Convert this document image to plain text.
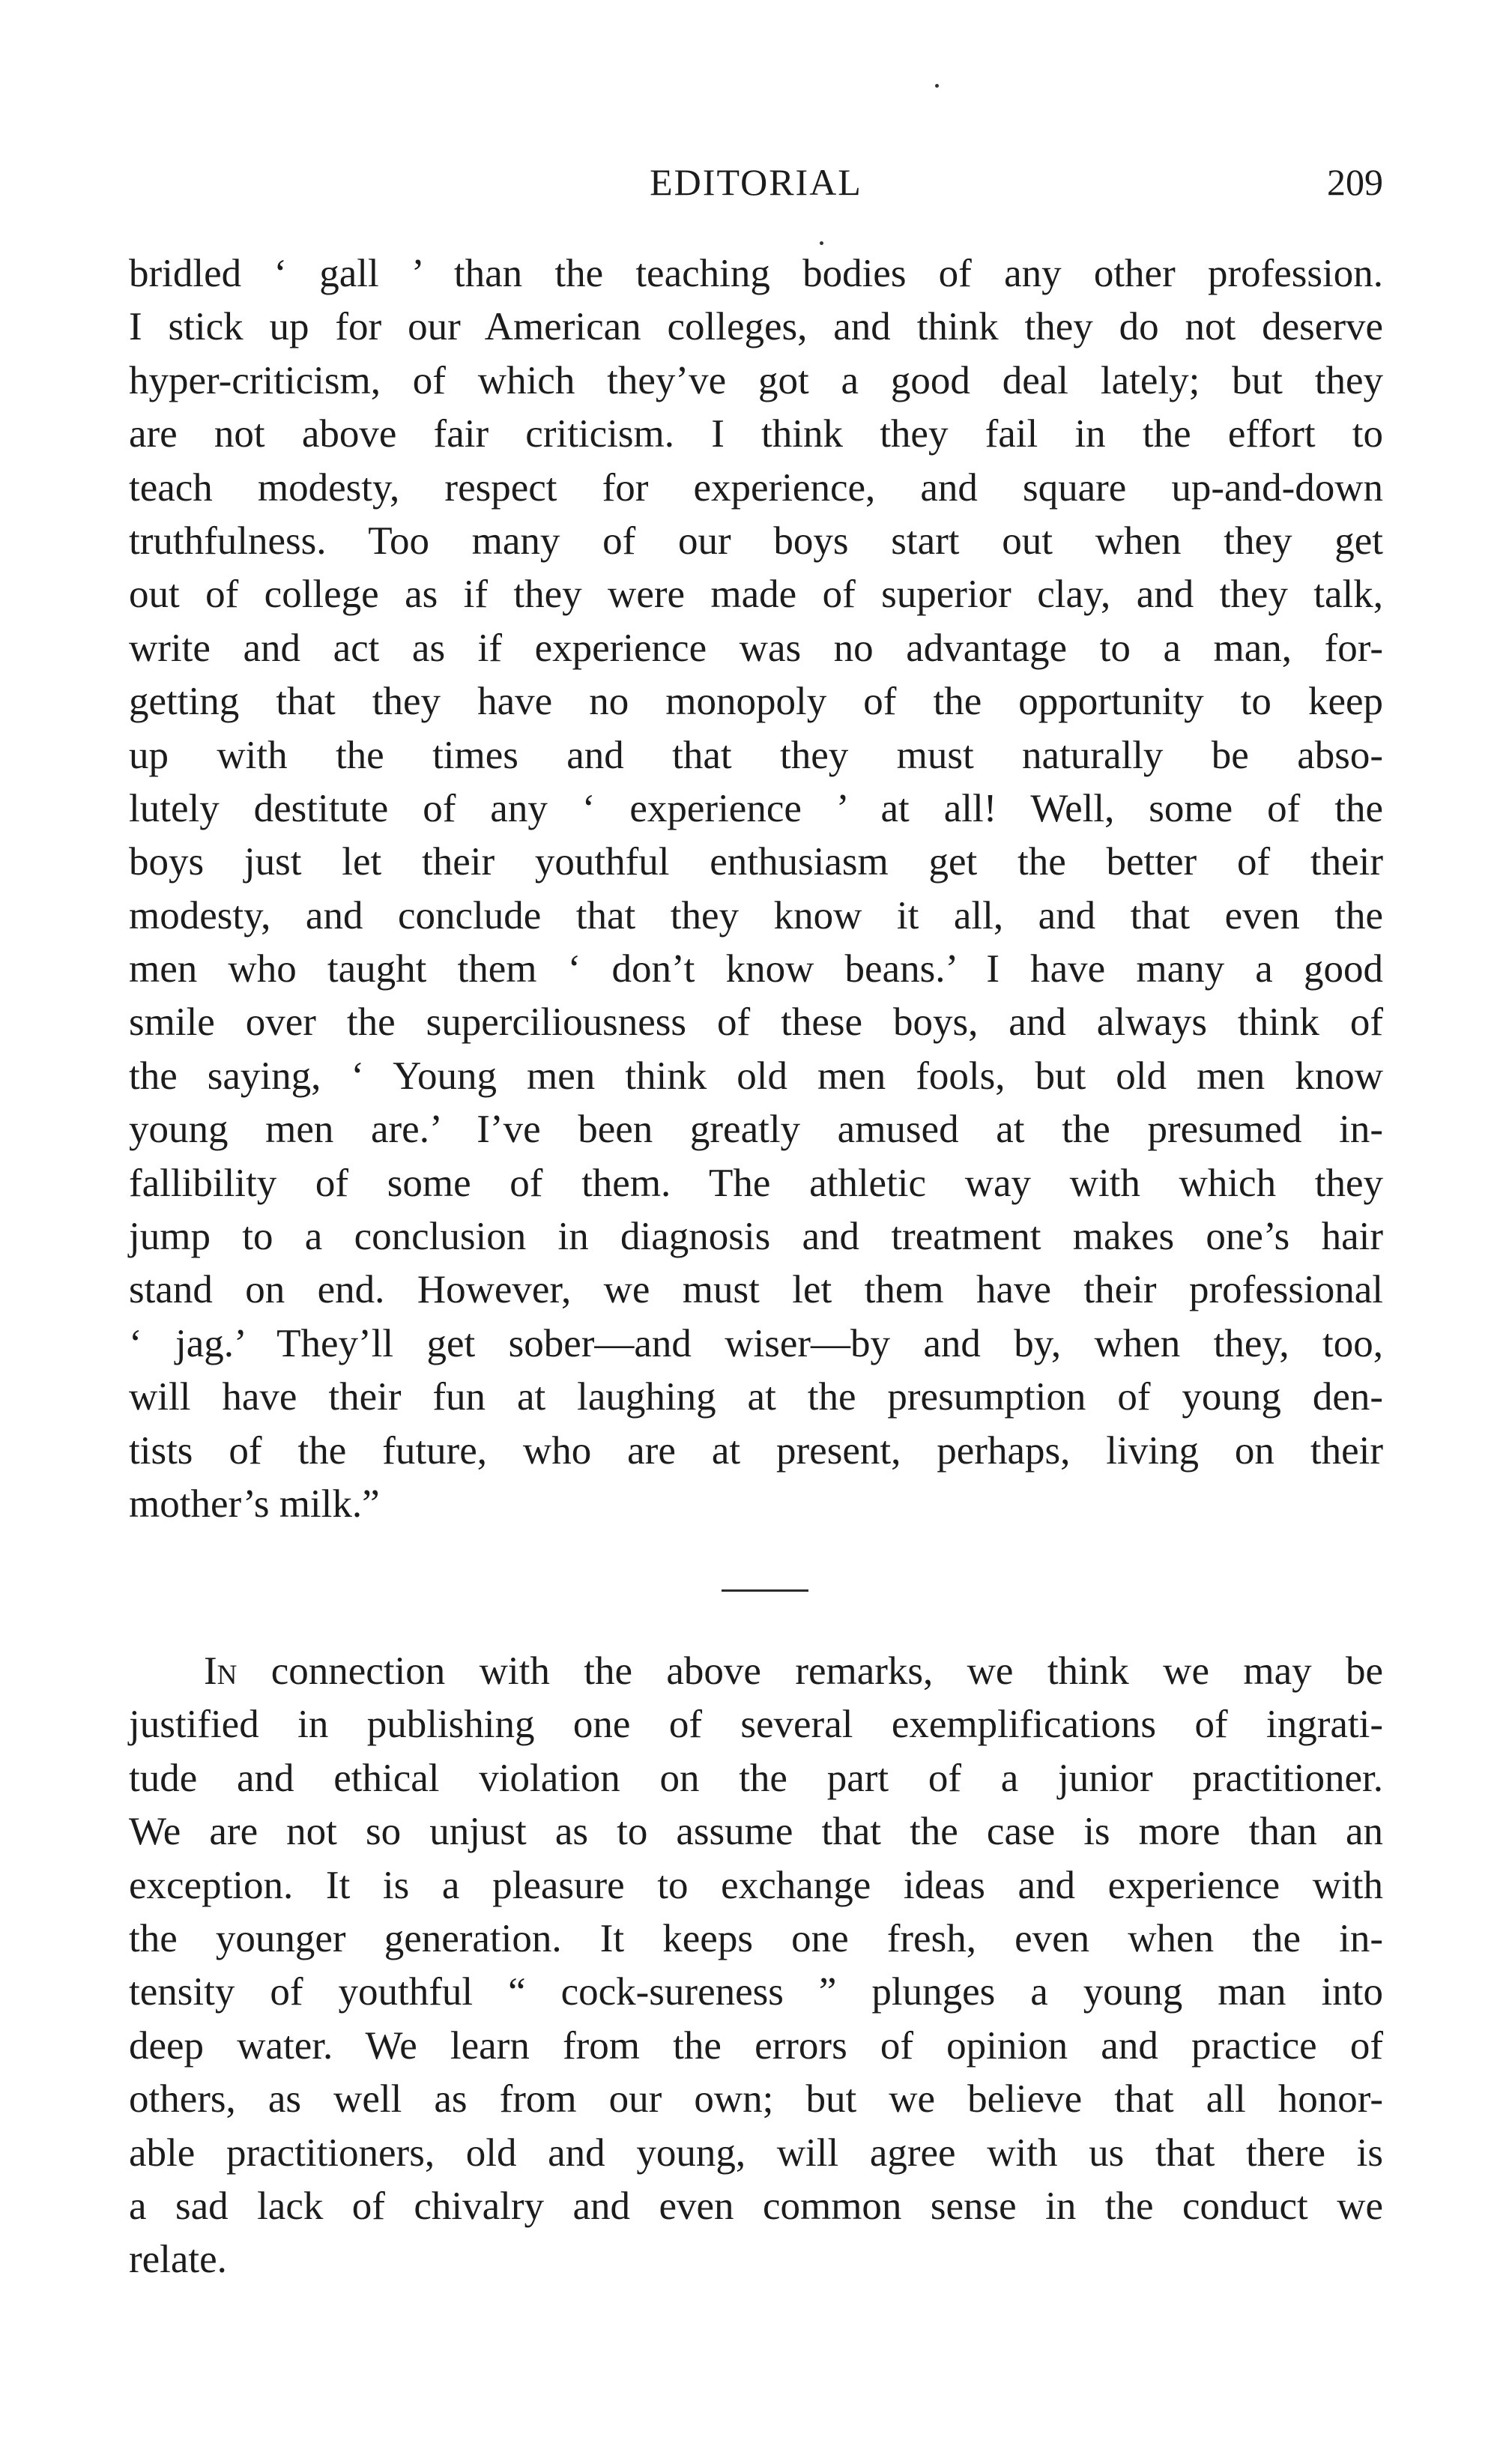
EDITORIAL	209
bridled ‘ gall ’ than the teaching bodies of any other profession.
I stick up for our American colleges, and think they do not deserve
hyper-criticism, of which they’ve got a good deal lately; but they
are not above fair criticism. I think they fail in the effort to
teach modesty, respect for experience, and square up-and-down
truthfulness. Too many of our boys start out when they get
out of college as if they were made of superior clay, and they talk,
write and act as if experience was no advantage to a man, for-
getting that they have no monopoly of the opportunity to keep
up with the times and that they must naturally be abso-
lutely destitute of any ‘ experience ’ at all! Well, some of the
boys just let their youthful enthusiasm get the better of their
modesty, and conclude that they know it all, and that even the
men who taught them ‘ don’t know beans.’ I have many a good
smile over the superciliousness of these boys, and always think of
the saying, ‘ Young men think old men fools, but old men know
young men are.’ I’ve been greatly amused at the presumed in-
fallibility of some of them. The athletic way with which they
jump to a conclusion in diagnosis and treatment makes one’s hair
stand on end. However, we must let them have their professional
‘ jag.’ They’ll get sober—and wiser—by and by, when they, too,
will have their fun at laughing at the presumption of young den-
tists of the future, who are at present, perhaps, living on their
mother’s milk.”
In connection with the above remarks, we think we may be
justified in publishing one of several exemplifications of ingrati-
tude and ethical violation on the part of a junior practitioner.
We are not so unjust as to assume that the case is more than an
exception. It is a pleasure to exchange ideas and experience with
the younger generation. It keeps one fresh, even when the in-
tensity of youthful “ cock-sureness ” plunges a young man into
deep water. We learn from the errors of opinion and practice of
others, as well as from our own; but we believe that all honor-
able practitioners, old and young, will agree with us that there is
a sad lack of chivalry and even common sense in the conduct we
relate.
